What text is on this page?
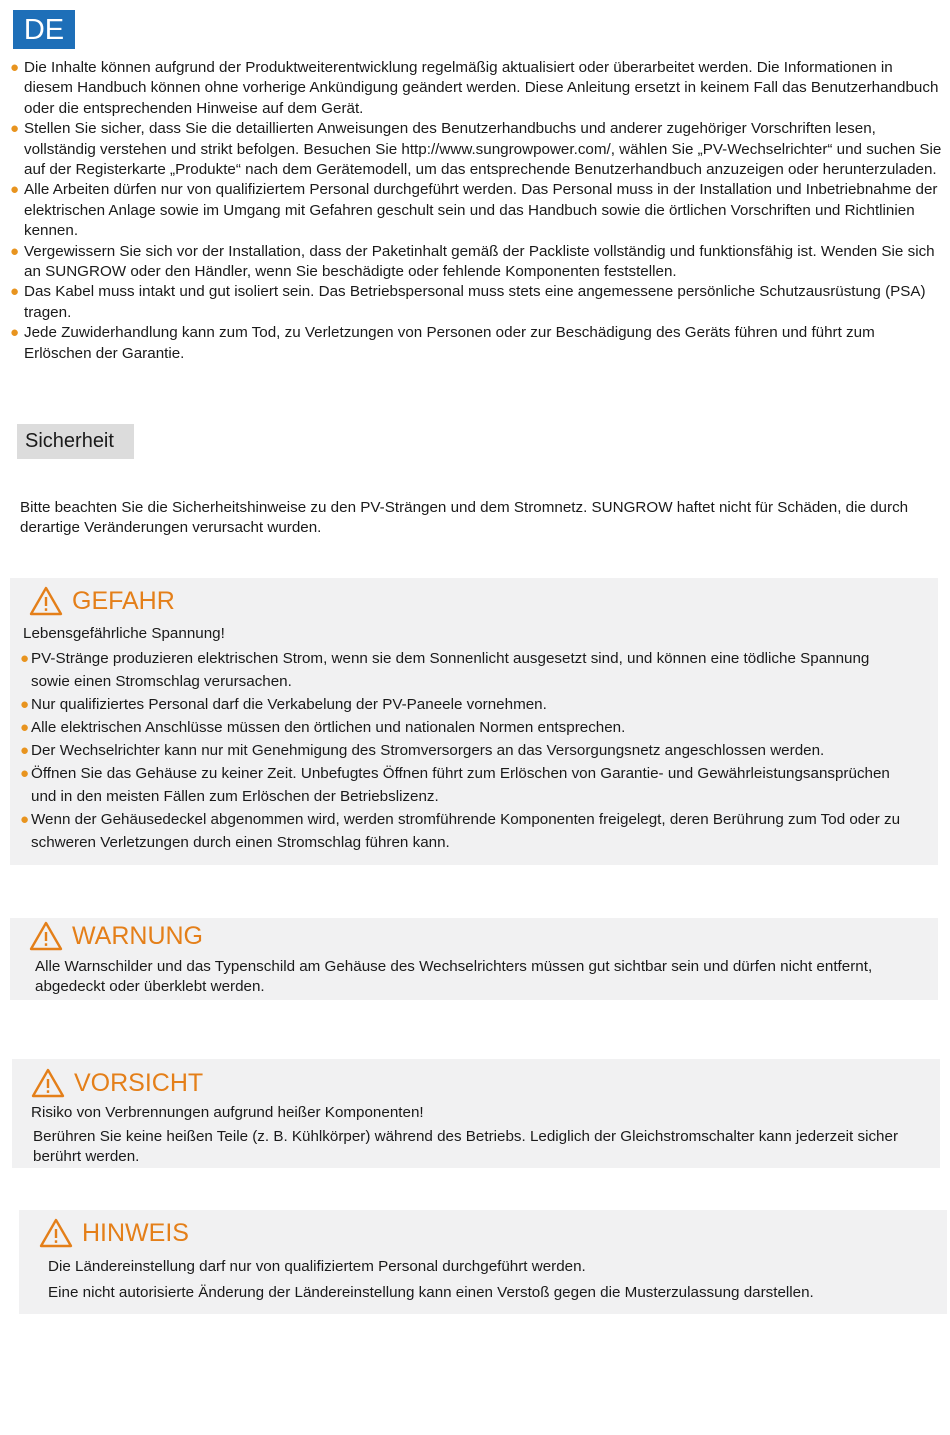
DE
● Die Inhalte können aufgrund der Produktweiterentwicklung regelmäßig aktualisiert oder überarbeitet werden. Die Informationen in diesem Handbuch können ohne vorherige Ankündigung geändert werden. Diese Anleitung ersetzt in keinem Fall das Benutzerhandbuch oder die entsprechenden Hinweise auf dem Gerät.
● Stellen Sie sicher, dass Sie die detaillierten Anweisungen des Benutzerhandbuchs und anderer zugehöriger Vorschriften lesen, vollständig verstehen und strikt befolgen. Besuchen Sie http://www.sungrowpower.com/, wählen Sie „PV-Wechselrichter“ und suchen Sie auf der Registerkarte „Produkte“ nach dem Gerätemodell, um das entsprechende Benutzerhandbuch anzuzeigen oder herunterzuladen.
● Alle Arbeiten dürfen nur von qualifiziertem Personal durchgeführt werden. Das Personal muss in der Installation und Inbetriebnahme der elektrischen Anlage sowie im Umgang mit Gefahren geschult sein und das Handbuch sowie die örtlichen Vorschriften und Richtlinien kennen.
● Vergewissern Sie sich vor der Installation, dass der Paketinhalt gemäß der Packliste vollständig und funktionsfähig ist. Wenden Sie sich an SUNGROW oder den Händler, wenn Sie beschädigte oder fehlende Komponenten feststellen.
● Das Kabel muss intakt und gut isoliert sein. Das Betriebspersonal muss stets eine angemessene persönliche Schutzausrüstung (PSA) tragen.
● Jede Zuwiderhandlung kann zum Tod, zu Verletzungen von Personen oder zur Beschädigung des Geräts führen und führt zum Erlöschen der Garantie.
Sicherheit

Bitte beachten Sie die Sicherheitshinweise zu den PV-Strängen und dem Stromnetz. SUNGROW haftet nicht für Schäden, die durch derartige Veränderungen verursacht wurden.

GEFAHR

Lebensgefährliche Spannung!

● PV-Stränge produzieren elektrischen Strom, wenn sie dem Sonnenlicht ausgesetzt sind, und können eine tödliche Spannung sowie einen Stromschlag verursachen.
● Nur qualifiziertes Personal darf die Verkabelung der PV-Paneele vornehmen.
● Alle elektrischen Anschlüsse müssen den örtlichen und nationalen Normen entsprechen.
● Der Wechselrichter kann nur mit Genehmigung des Stromversorgers an das Versorgungsnetz angeschlossen werden.
● Öffnen Sie das Gehäuse zu keiner Zeit. Unbefugtes Öffnen führt zum Erlöschen von Garantie- und Gewährleistungsansprüchen und in den meisten Fällen zum Erlöschen der Betriebslizenz.
● Wenn der Gehäusedeckel abgenommen wird, werden stromführende Komponenten freigelegt, deren Berührung zum Tod oder zu schweren Verletzungen durch einen Stromschlag führen kann.
WARNUNG

Alle Warnschilder und das Typenschild am Gehäuse des Wechselrichters müssen gut sichtbar sein und dürfen nicht entfernt, abgedeckt oder überklebt werden.

VORSICHT

Risiko von Verbrennungen aufgrund heißer Komponenten!

Berühren Sie keine heißen Teile (z. B. Kühlkörper) während des Betriebs. Lediglich der Gleichstromschalter kann jederzeit sicher berührt werden.

HINWEIS

Die Ländereinstellung darf nur von qualifiziertem Personal durchgeführt werden.

Eine nicht autorisierte Änderung der Ländereinstellung kann einen Verstoß gegen die Musterzulassung darstellen.
